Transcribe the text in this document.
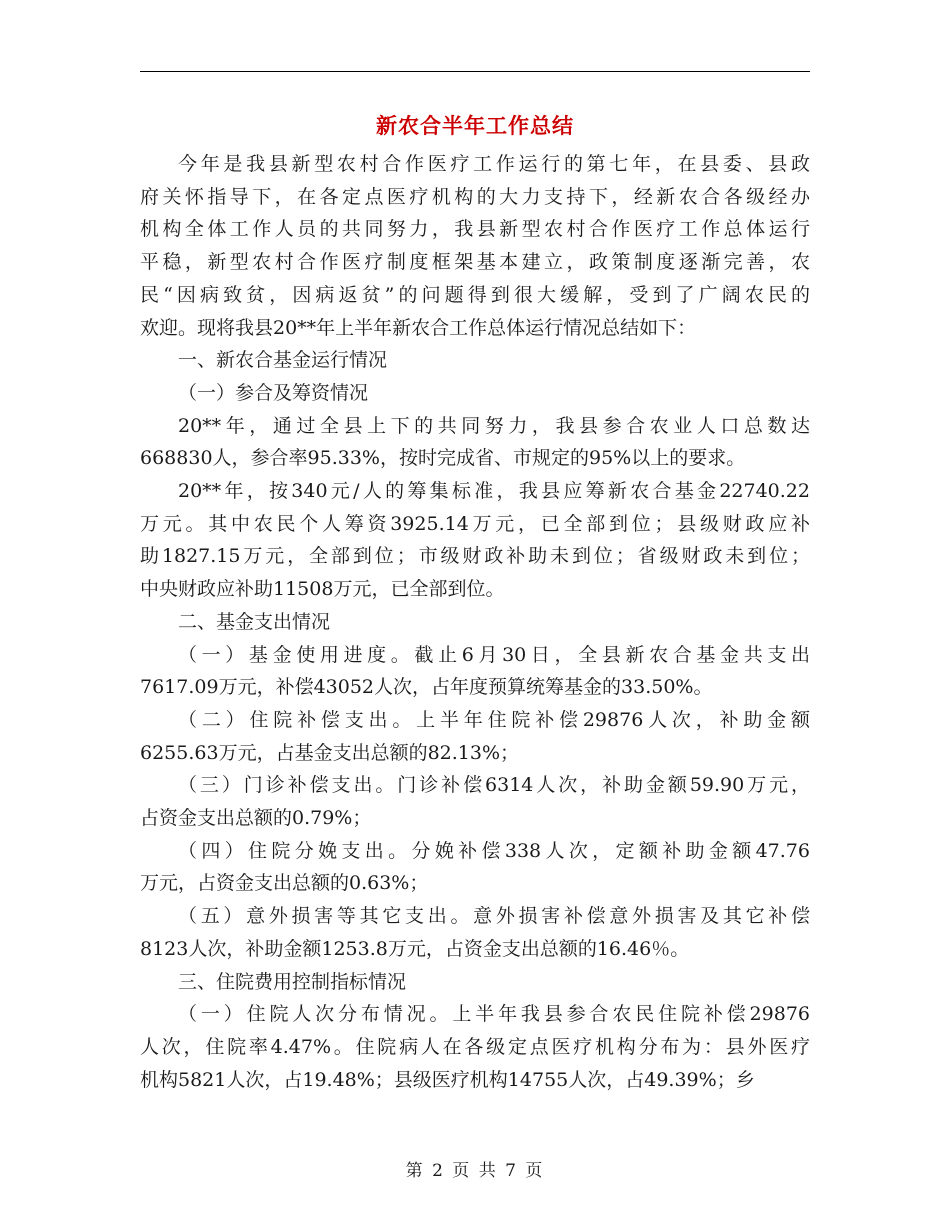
新农合半年工作总结
今年是我县新型农村合作医疗工作运行的第七年，在县委、县政
府关怀指导下，在各定点医疗机构的大力支持下，经新农合各级经办
机构全体工作人员的共同努力，我县新型农村合作医疗工作总体运行
平稳，新型农村合作医疗制度框架基本建立，政策制度逐渐完善，农
民“因病致贫，因病返贫”的问题得到很大缓解，受到了广阔农民的
欢迎。现将我县20**年上半年新农合工作总体运行情况总结如下：
一、新农合基金运行情况
（一）参合及筹资情况
20**年，通过全县上下的共同努力，我县参合农业人口总数达
668830人，参合率95.33%，按时完成省、市规定的95%以上的要求。
20**年，按340元/人的筹集标准，我县应筹新农合基金22740.22
万元。其中农民个人筹资3925.14万元，已全部到位；县级财政应补
助1827.15万元，全部到位；市级财政补助未到位；省级财政未到位；
中央财政应补助11508万元，已全部到位。
二、基金支出情况
（一）基金使用进度。截止6月30日，全县新农合基金共支出
7617.09万元，补偿43052人次，占年度预算统筹基金的33.50%。
（二）住院补偿支出。上半年住院补偿29876人次，补助金额
6255.63万元，占基金支出总额的82.13%；
（三）门诊补偿支出。门诊补偿6314人次，补助金额59.90万元，
占资金支出总额的0.79%；
（四）住院分娩支出。分娩补偿338人次，定额补助金额47.76
万元，占资金支出总额的0.63%；
（五）意外损害等其它支出。意外损害补偿意外损害及其它补偿
8123人次，补助金额1253.8万元，占资金支出总额的16.46％。
三、住院费用控制指标情况
（一）住院人次分布情况。上半年我县参合农民住院补偿29876
人次，住院率4.47%。住院病人在各级定点医疗机构分布为：县外医疗
机构5821人次，占19.48%；县级医疗机构14755人次，占49.39%；乡
第 2 页 共 7 页
